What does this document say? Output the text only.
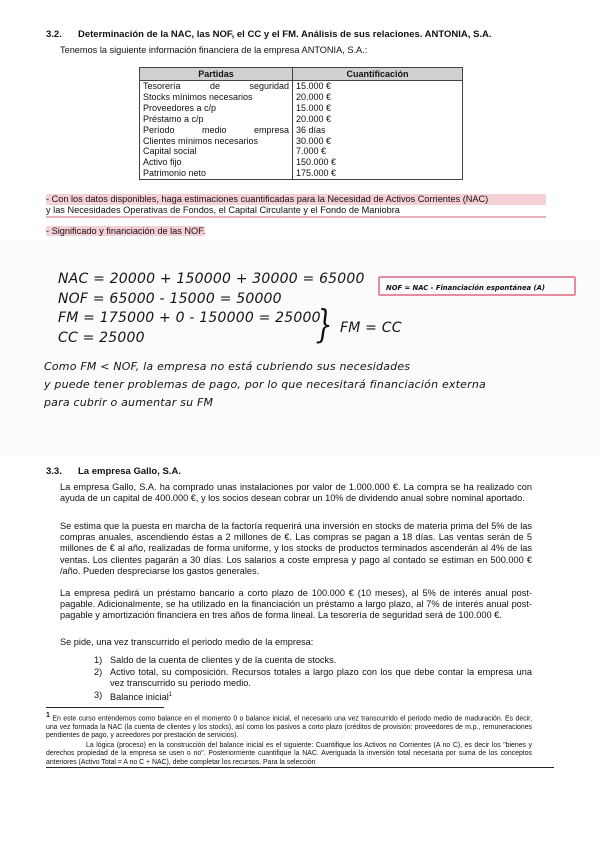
3.2. Determinación de la NAC, las NOF, el CC y el FM. Análisis de sus relaciones. ANTONIA, S.A.
Tenemos la siguiente información financiera de la empresa ANTONIA, S.A.:
Partidas	Cuantificación
Tesorería de seguridad	15.000 €
Stocks mínimos necesarios	20.000 €
Proveedores a c/p	15.000 €
Préstamo a c/p	20.000 €
Período medio empresa	36 días
Clientes mínimos necesarios	30.000 €
Capital social	7.000 €
Activo fijo	150.000 €
Patrimonio neto	175.000 €
- Con los datos disponibles, haga estimaciones cuantificadas para la Necesidad de Activos Corrientes (NAC)
y las Necesidades Operativas de Fondos, el Capital Circulante y el Fondo de Maniobra
- Significado y financiación de las NOF.
NAC = 20000 + 150000 + 30000 = 65000
NOF = 65000 - 15000 = 50000
FM = 175000 + 0 - 150000 = 25000
CC = 25000	} FM = CC
NOF = NAC - Financiación espontánea (A)
Como FM < NOF, la empresa no está cubriendo sus necesidades
y puede tener problemas de pago, por lo que necesitará financiación externa
para cubrir o aumentar su FM
3.3. La empresa Gallo, S.A.
La empresa Gallo, S.A. ha comprado unas instalaciones por valor de 1.000.000 €. La compra se ha realizado con ayuda de un capital de 400.000 €, y los socios desean cobrar un 10% de dividendo anual sobre nominal aportado.
Se estima que la puesta en marcha de la factoría requerirá una inversión en stocks de materia prima del 5% de las compras anuales, ascendiendo éstas a 2 millones de €. Las compras se pagan a 18 días. Las ventas serán de 5 millones de € al año, realizadas de forma uniforme, y los stocks de productos terminados ascenderán al 4% de las ventas. Los clientes pagarán a 30 días. Los salarios a coste empresa y pago al contado se estiman en 500.000 € /año. Pueden despreciarse los gastos generales.
La empresa pedirá un préstamo bancario a corto plazo de 100.000 € (10 meses), al 5% de interés anual post-pagable. Adicionalmente, se ha utilizado en la financiación un préstamo a largo plazo, al 7% de interés anual post-pagable y amortización financiera en tres años de forma lineal. La tesorería de seguridad será de 100.000 €.
Se pide, una vez transcurrido el periodo medio de la empresa:
1) Saldo de la cuenta de clientes y de la cuenta de stocks.
2) Activo total, su composición. Recursos totales a largo plazo con los que debe contar la empresa una vez transcurrido su periodo medio.
3) Balance inicial$^1$
$^1$ En este curso entendemos como balance en el momento 0 o balance inicial, el necesario una vez transcurrido el periodo medio de maduración. Es decir, una vez formada la NAC (la cuenta de clientes y los stocks), así como los pasivos a corto plazo (créditos de provisión: proveedores de m.p., remuneraciones pendientes de pago, y acreedores por prestación de servicios).
La lógica (proceso) en la construcción del balance inicial es el siguiente: Cuantifique los Activos no Corrientes (A no C), es decir los "bienes y derechos propiedad de la empresa se usen o no". Posteriormente cuantifique la NAC. Averiguada la inversión total necesaria por suma de los conceptos anteriores (Activo Total = A no C + NAC), debe completar los recursos. Para la selección
